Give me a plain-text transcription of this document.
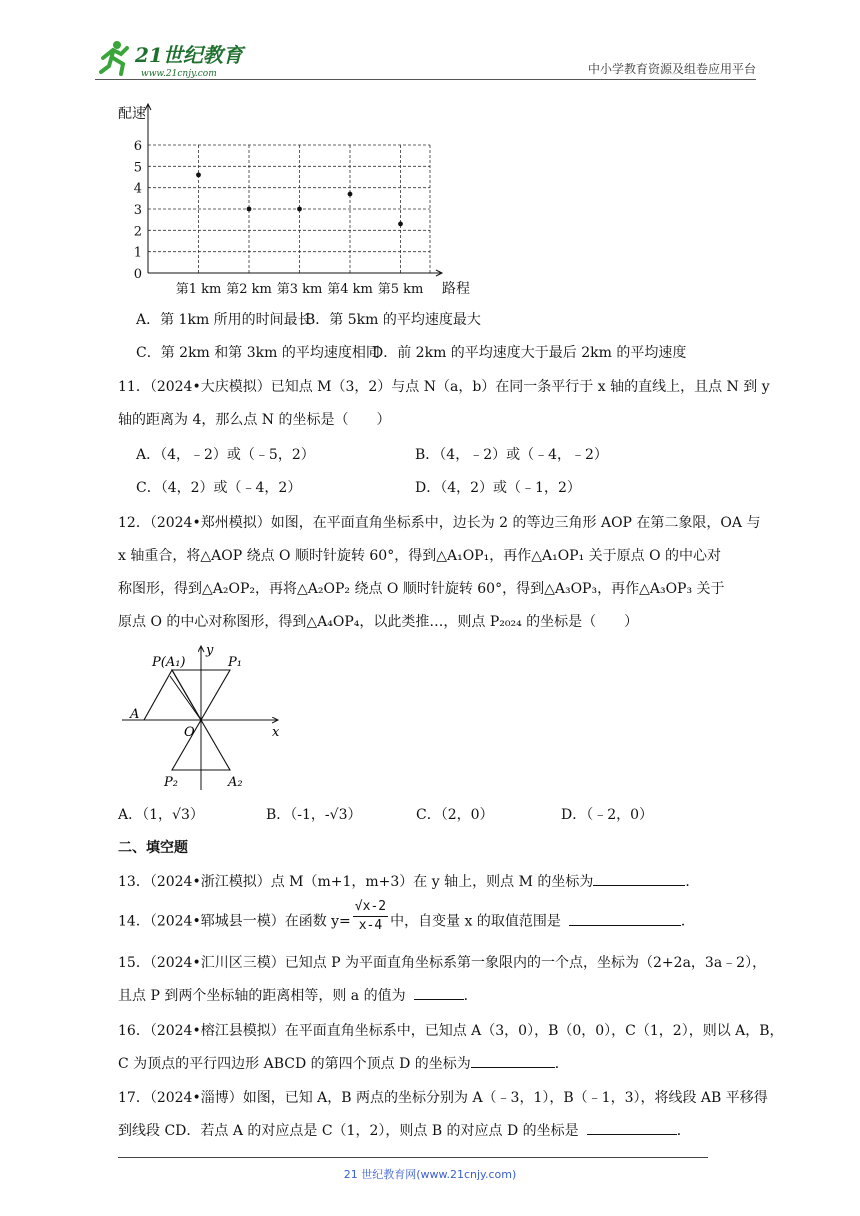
21世纪教育
www.21cnjy.com	中小学教育资源及组卷应用平台
0
1
2
3
4
5
6
第1 km 第2 km 第3 km 第4 km 第5 km
配速
路程
A．第 1km 所用的时间最长
B．第 5km 的平均速度最大
C．第 2km 和第 3km 的平均速度相同
D．前 2km 的平均速度大于最后 2km 的平均速度
11．（2024•大庆模拟）已知点 M（3，2）与点 N（a，b）在同一条平行于 x 轴的直线上，且点 N 到 y
轴的距离为 4，那么点 N 的坐标是（　　）
A．（4，﹣2）或（﹣5，2）	B．（4，﹣2）或（﹣4，﹣2）
C．（4，2）或（﹣4，2）	D．（4，2）或（﹣1，2）
12．（2024•郑州模拟）如图，在平面直角坐标系中，边长为 2 的等边三角形 AOP 在第二象限，OA 与
x 轴重合，将△AOP 绕点 O 顺时针旋转 60°，得到△A₁OP₁，再作△A₁OP₁ 关于原点 O 的中心对
称图形，得到△A₂OP₂，再将△A₂OP₂ 绕点 O 顺时针旋转 60°，得到△A₃OP₃，再作△A₃OP₃ 关于
原点 O 的中心对称图形，得到△A₄OP₄，以此类推…，则点 P₂₀₂₄ 的坐标是（　　）
P(A₁)	P₁
A
O	x
y
P₂	A₂
A．（1，√3）	B．（-1，-√3）	C．（2，0）	D．（﹣2，0）
二、填空题
13．（2024•浙江模拟）点 M（m+1，m+3）在 y 轴上，则点 M 的坐标为	．
14．（2024•郓城县一模）在函数 $y= \frac{√x-2}{x-4}$ 中，自变量 x 的取值范围是	．
15．（2024•汇川区三模）已知点 P 为平面直角坐标系第一象限内的一个点，坐标为（2+2a，3a﹣2），
且点 P 到两个坐标轴的距离相等，则 a 的值为	．
16．（2024•榕江县模拟）在平面直角坐标系中，已知点 A（3，0），B（0，0），C（1，2），则以 A，B，
C 为顶点的平行四边形 ABCD 的第四个顶点 D 的坐标为	．
17．（2024•淄博）如图，已知 A，B 两点的坐标分别为 A（﹣3，1），B（﹣1，3），将线段 AB 平移得
到线段 CD．若点 A 的对应点是 C（1，2），则点 B 的对应点 D 的坐标是	．
21 世纪教育网(www.21cnjy.com)
